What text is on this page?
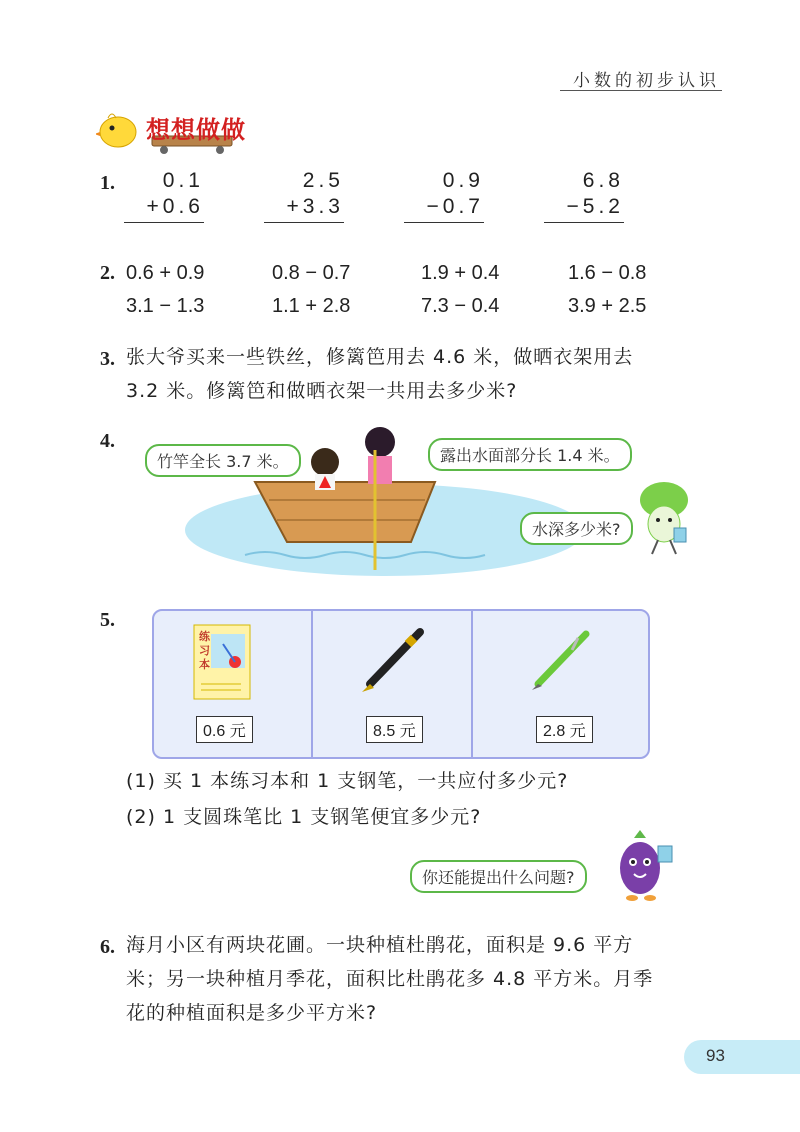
小数的初步认识
想想做做
1.	0.1
+0.6
2.5
+3.3
0.9
−0.7
6.8
−5.2
2. 0.6 + 0.9	0.8 − 0.7	1.9 + 0.4	1.6 − 0.8
3.1 − 1.3	1.1 + 2.8	7.3 − 0.4	3.9 + 2.5
3. 张大爷买来一些铁丝，修篱笆用去 4.6 米，做晒衣架用去
3.2 米。修篱笆和做晒衣架一共用去多少米?
4.
竹竿全长 3.7 米。	露出水面部分长 1.4 米。
水深多少米?
5.
练
习
本
0.6 元	8.5 元	2.8 元
(1) 买 1 本练习本和 1 支钢笔，一共应付多少元?
(2) 1 支圆珠笔比 1 支钢笔便宜多少元?
你还能提出什么问题?
6. 海月小区有两块花圃。一块种植杜鹃花，面积是 9.6 平方
米；另一块种植月季花，面积比杜鹃花多 4.8 平方米。月季
花的种植面积是多少平方米?
93
